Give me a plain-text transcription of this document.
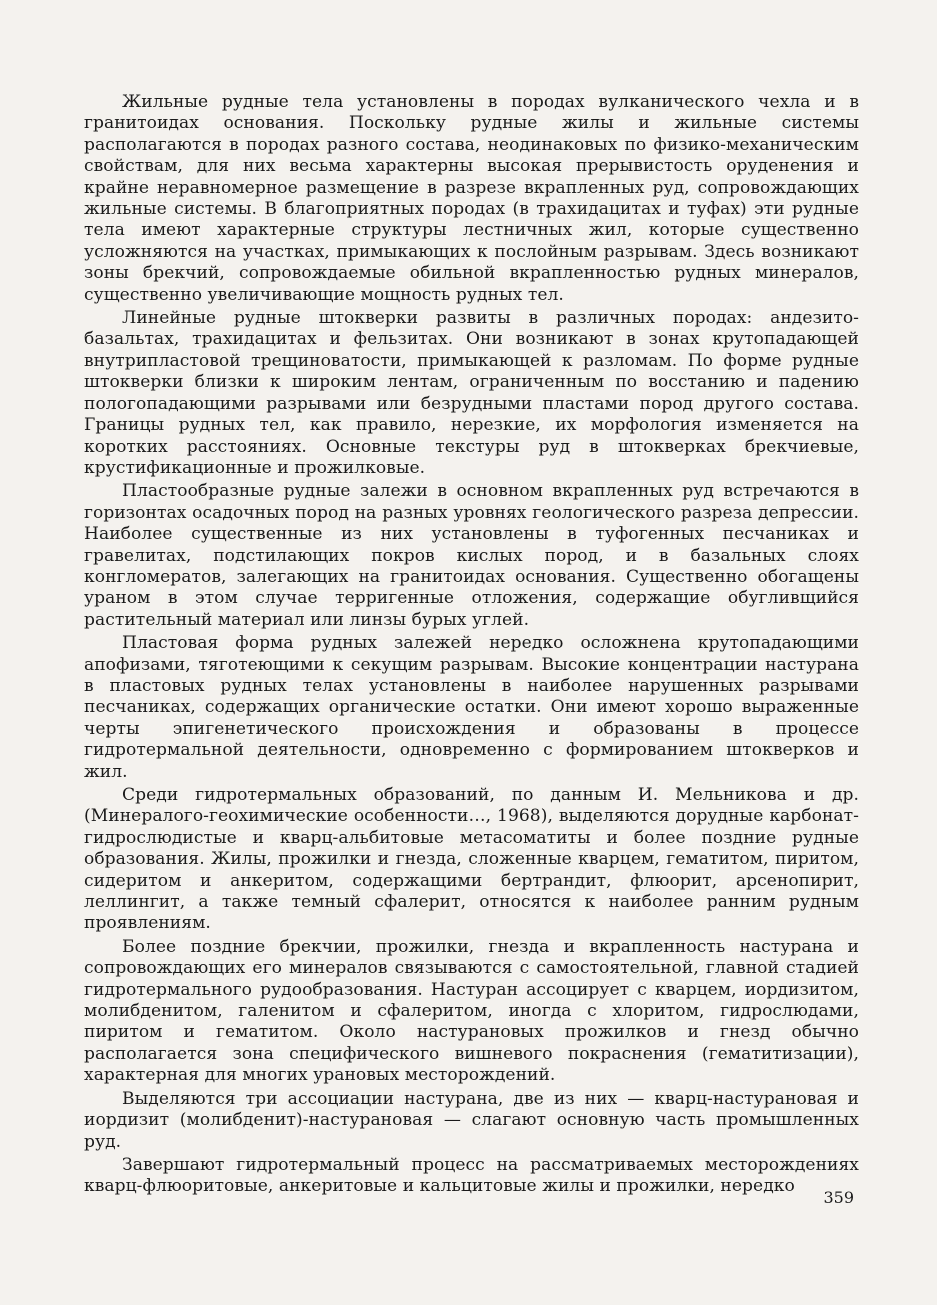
Жильные рудные тела установлены в породах вулканического чехла и в гранитоидах основания. Поскольку рудные жилы и жильные системы располагаются в породах разного состава, неодинаковых по физико-механическим свойствам, для них весьма характерны высокая прерывистость оруденения и крайне неравномерное размещение в разрезе вкрапленных руд, сопровождающих жильные системы. В благоприятных породах (в трахидацитах и туфах) эти рудные тела имеют характерные структуры лестничных жил, которые существенно усложняются на участках, примыкающих к послойным разрывам. Здесь возникают зоны брекчий, сопровождаемые обильной вкрапленностью рудных минералов, существенно увеличивающие мощность рудных тел.

Линейные рудные штокверки развиты в различных породах: андезито-базальтах, трахидацитах и фельзитах. Они возникают в зонах крутопадающей внутрипластовой трещиноватости, примыкающей к разломам. По форме рудные штокверки близки к широким лентам, ограниченным по восстанию и падению пологопадающими разрывами или безрудными пластами пород другого состава. Границы рудных тел, как правило, нерезкие, их морфология изменяется на коротких расстояниях. Основные текстуры руд в штокверках брекчиевые, крустификационные и прожилковые.

Пластообразные рудные залежи в основном вкрапленных руд встречаются в горизонтах осадочных пород на разных уровнях геологического разреза депрессии. Наиболее существенные из них установлены в туфогенных песчаниках и гравелитах, подстилающих покров кислых пород, и в базальных слоях конгломератов, залегающих на гранитоидах основания. Существенно обогащены ураном в этом случае терригенные отложения, содержащие обугливщийся растительный материал или линзы бурых углей.

Пластовая форма рудных залежей нередко осложнена крутопадающими апофизами, тяготеющими к секущим разрывам. Высокие концентрации настурана в пластовых рудных телах установлены в наиболее нарушенных разрывами песчаниках, содержащих органические остатки. Они имеют хорошо выраженные черты эпигенетического происхождения и образованы в процессе гидротермальной деятельности, одновременно с формированием штокверков и жил.

Среди гидротермальных образований, по данным И. Мельникова и др. (Минералого-геохимические особенности…, 1968), выделяются дорудные карбонат-гидрослюдистые и кварц-альбитовые метасоматиты и более поздние рудные образования. Жилы, прожилки и гнезда, сложенные кварцем, гематитом, пиритом, сидеритом и анкеритом, содержащими бертрандит, флюорит, арсенопирит, леллингит, а также темный сфалерит, относятся к наиболее ранним рудным проявлениям.

Более поздние брекчии, прожилки, гнезда и вкрапленность настурана и сопровождающих его минералов связываются с самостоятельной, главной стадией гидротермального рудообразования. Настуран ассоцирует с кварцем, иордизитом, молибденитом, галенитом и сфалеритом, иногда с хлоритом, гидрослюдами, пиритом и гематитом. Около настурановых прожилков и гнезд обычно располагается зона специфического вишневого покраснения (гематитизации), характерная для многих урановых месторождений.

Выделяются три ассоциации настурана, две из них — кварц-настурановая и иордизит (молибденит)-настурановая — слагают основную часть промышленных руд.

Завершают гидротермальный процесс на рассматриваемых месторождениях кварц-флюоритовые, анкеритовые и кальцитовые жилы и прожилки, нередко

359
